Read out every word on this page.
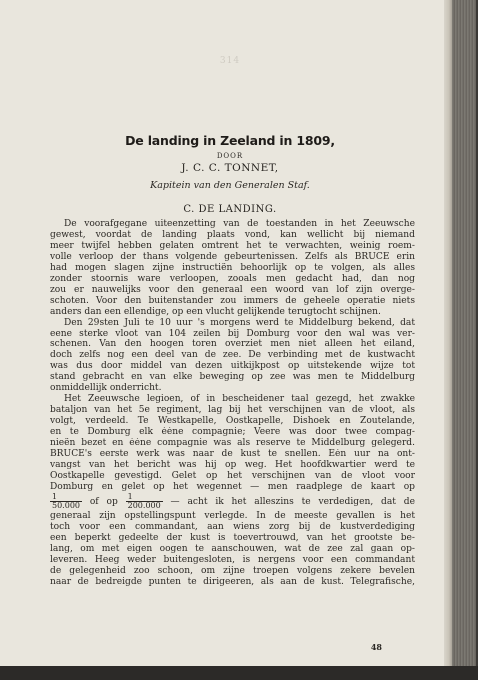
314
De landing in Zeeland in 1809,
DOOR
J. C. C. TONNET,
Kapitein van den Generalen Staf.
C. DE LANDING.
De voorafgegane uiteenzetting van de toestanden in het Zeeuwsche
gewest, voordat de landing plaats vond, kan wellicht bij niemand
meer twijfel hebben gelaten omtrent het te verwachten, weinig roem-
volle verloop der thans volgende gebeurtenissen. Zelfs als BRUCE erin
had mogen slagen zijne instructiën behoorlijk op te volgen, als alles
zonder stoornis ware verloopen, zooals men gedacht had, dan nog
zou er nauwelijks voor den generaal een woord van lof zijn overge-
schoten. Voor den buitenstander zou immers de geheele operatie niets
anders dan een ellendige, op een vlucht gelijkende terugtocht schijnen.
Den 29sten Juli te 10 uur 's morgens werd te Middelburg bekend, dat
eene sterke vloot van 104 zeilen bij Domburg voor den wal was ver-
schenen. Van den hoogen toren overziet men niet alleen het eiland,
doch zelfs nog een deel van de zee. De verbinding met de kustwacht
was dus door middel van dezen uitkijkpost op uitstekende wijze tot
stand gebracht en van elke beweging op zee was men te Middelburg
onmiddellijk onderricht.
Het Zeeuwsche legioen, of in bescheidener taal gezegd, het zwakke
bataljon van het 5e regiment, lag bij het verschijnen van de vloot, als
volgt, verdeeld. Te Westkapelle, Oostkapelle, Dishoek en Zoutelande,
en te Domburg elk ééne compagnie; Veere was door twee compag-
nieën bezet en ééne compagnie was als reserve te Middelburg gelegerd.
BRUCE's eerste werk was naar de kust te snellen. Eén uur na ont-
vangst van het bericht was hij op weg. Het hoofdkwartier werd te
Oostkapelle gevestigd. Gelet op het verschijnen van de vloot voor
Domburg en gelet op het wegennet — men raadplege de kaart op
$\frac{1}{50.000}$ of op $\frac{1}{200.000}$ — acht ik het alleszins te verdedigen, dat de
generaal zijn opstellingspunt verlegde. In de meeste gevallen is het
toch voor een commandant, aan wiens zorg bij de kustverdediging
een beperkt gedeelte der kust is toevertrouwd, van het grootste be-
lang, om met eigen oogen te aanschouwen, wat de zee zal gaan op-
leveren. Heeg weder buitengesloten, is nergens voor een commandant
de gelegenheid zoo schoon, om zijne troepen volgens zekere bevelen
naar de bedreigde punten te dirigeeren, als aan de kust. Telegrafische,
48
